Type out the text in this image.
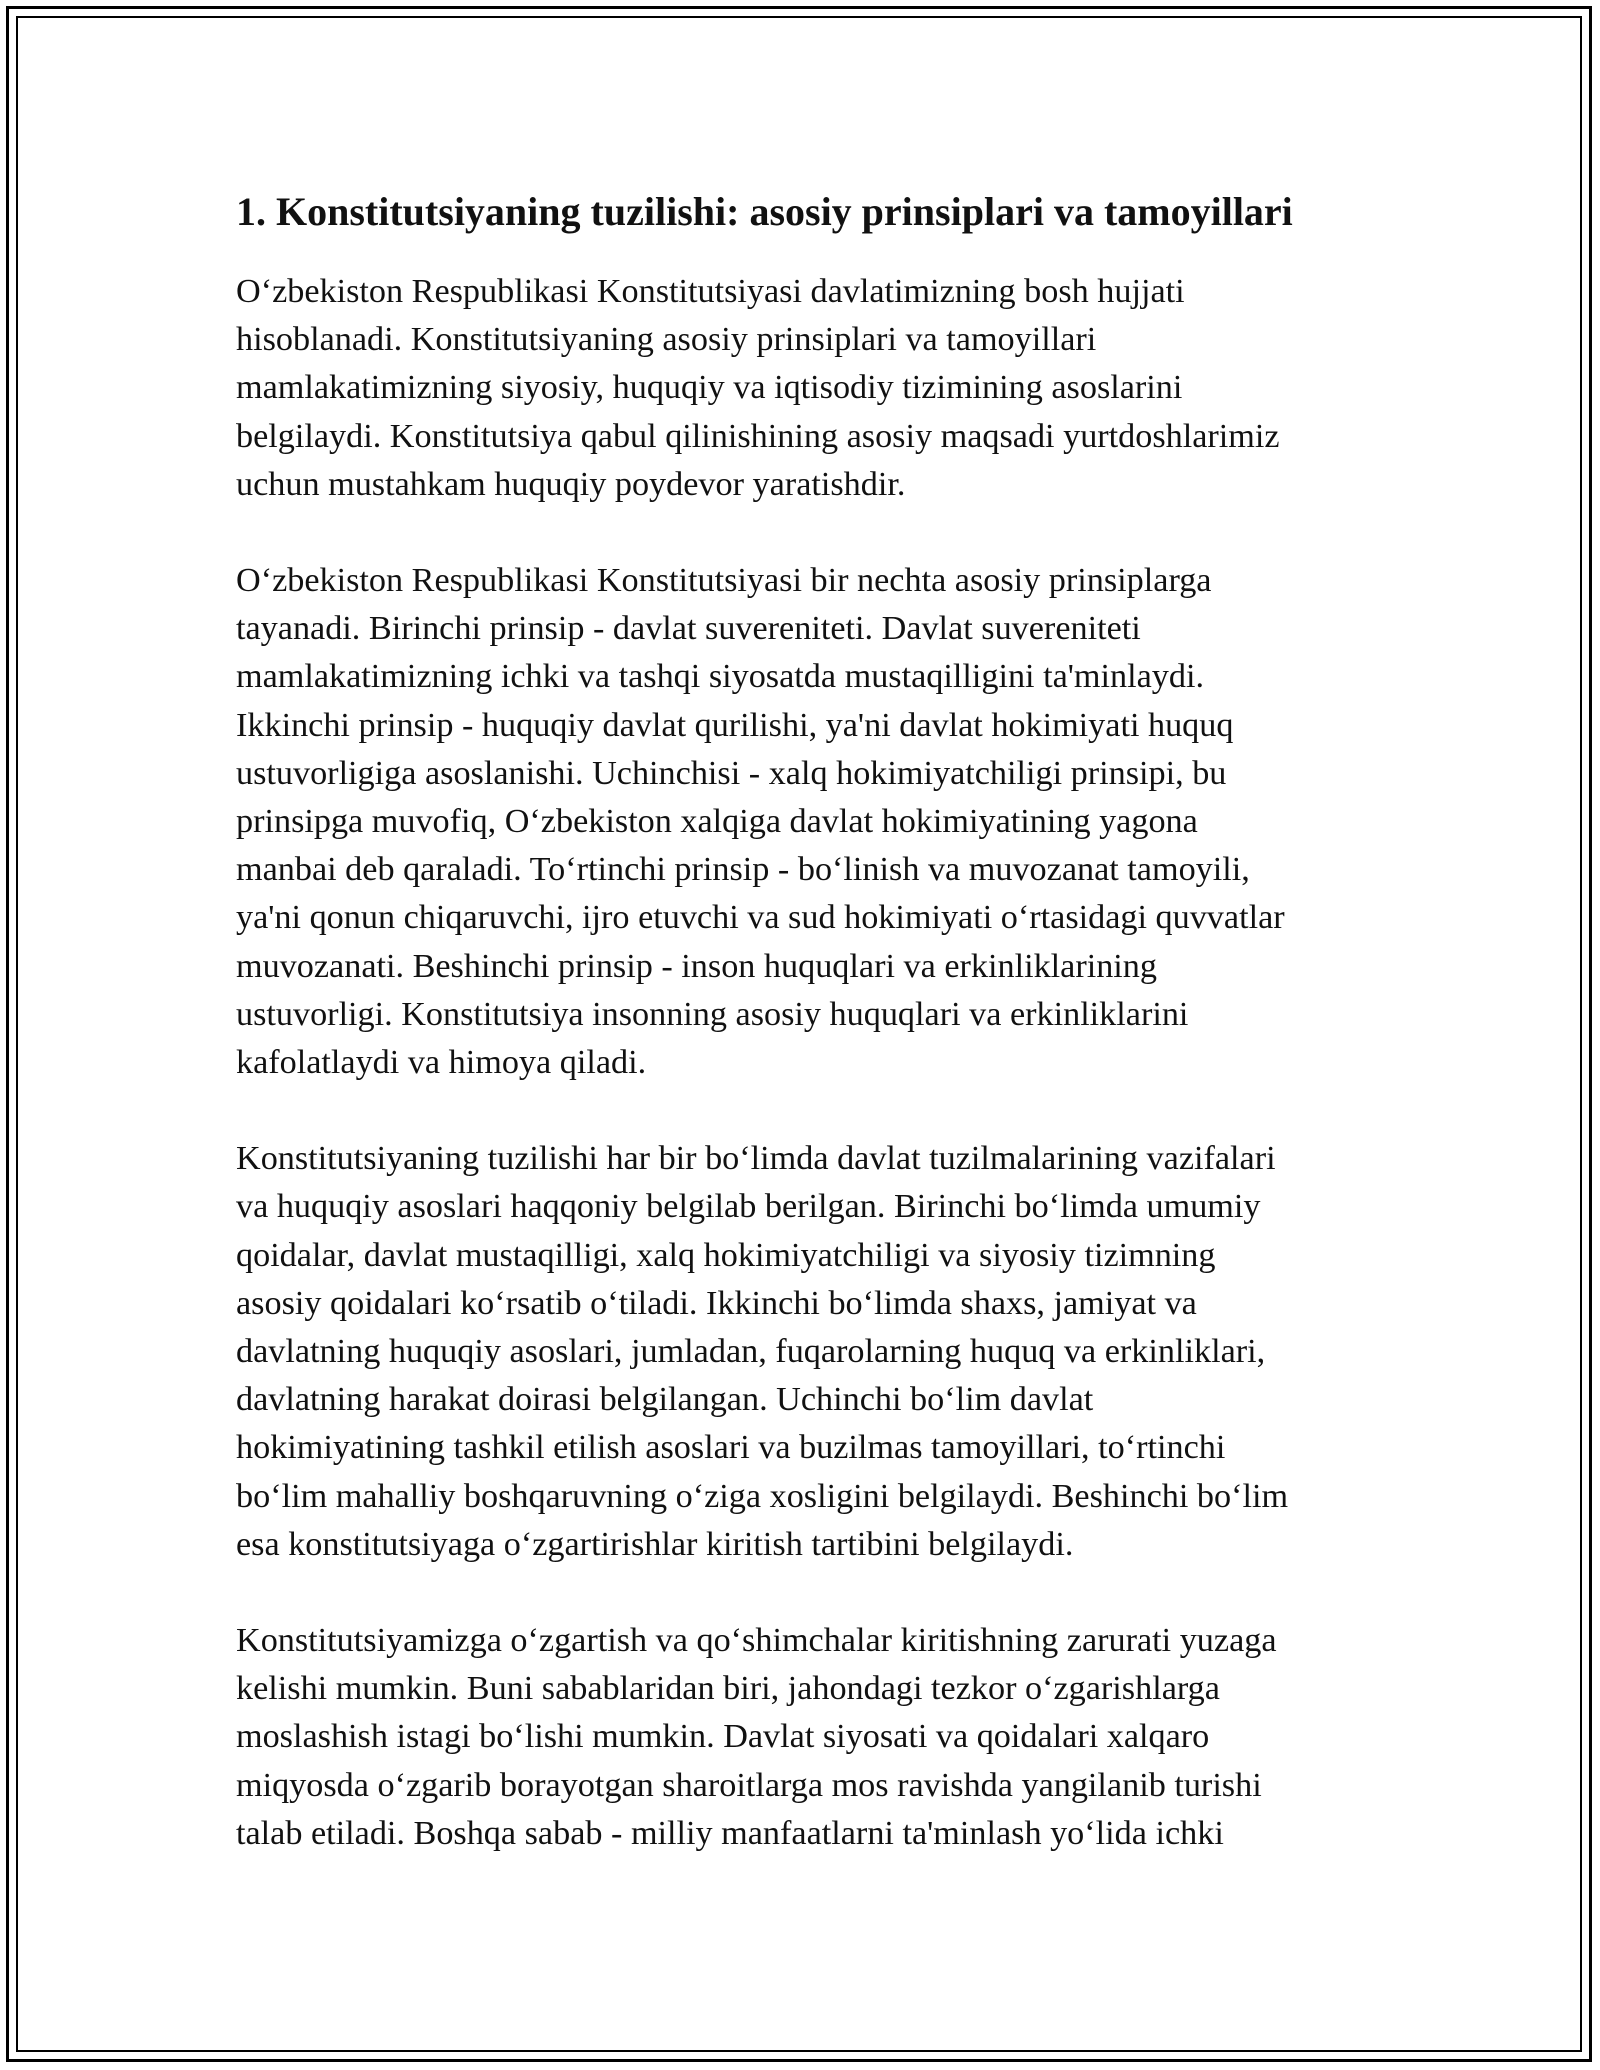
1. Konstitutsiyaning tuzilishi: asosiy prinsiplari va tamoyillari

O‘zbekiston Respublikasi Konstitutsiyasi davlatimizning bosh hujjati
hisoblanadi. Konstitutsiyaning asosiy prinsiplari va tamoyillari
mamlakatimizning siyosiy, huquqiy va iqtisodiy tizimining asoslarini
belgilaydi. Konstitutsiya qabul qilinishining asosiy maqsadi yurtdoshlarimiz
uchun mustahkam huquqiy poydevor yaratishdir.

O‘zbekiston Respublikasi Konstitutsiyasi bir nechta asosiy prinsiplarga
tayanadi. Birinchi prinsip - davlat suvereniteti. Davlat suvereniteti
mamlakatimizning ichki va tashqi siyosatda mustaqilligini ta'minlaydi.
Ikkinchi prinsip - huquqiy davlat qurilishi, ya'ni davlat hokimiyati huquq
ustuvorligiga asoslanishi. Uchinchisi - xalq hokimiyatchiligi prinsipi, bu
prinsipga muvofiq, O‘zbekiston xalqiga davlat hokimiyatining yagona
manbai deb qaraladi. To‘rtinchi prinsip - bo‘linish va muvozanat tamoyili,
ya'ni qonun chiqaruvchi, ijro etuvchi va sud hokimiyati o‘rtasidagi quvvatlar
muvozanati. Beshinchi prinsip - inson huquqlari va erkinliklarining
ustuvorligi. Konstitutsiya insonning asosiy huquqlari va erkinliklarini
kafolatlaydi va himoya qiladi.

Konstitutsiyaning tuzilishi har bir bo‘limda davlat tuzilmalarining vazifalari
va huquqiy asoslari haqqoniy belgilab berilgan. Birinchi bo‘limda umumiy
qoidalar, davlat mustaqilligi, xalq hokimiyatchiligi va siyosiy tizimning
asosiy qoidalari ko‘rsatib o‘tiladi. Ikkinchi bo‘limda shaxs, jamiyat va
davlatning huquqiy asoslari, jumladan, fuqarolarning huquq va erkinliklari,
davlatning harakat doirasi belgilangan. Uchinchi bo‘lim davlat
hokimiyatining tashkil etilish asoslari va buzilmas tamoyillari, to‘rtinchi
bo‘lim mahalliy boshqaruvning o‘ziga xosligini belgilaydi. Beshinchi bo‘lim
esa konstitutsiyaga o‘zgartirishlar kiritish tartibini belgilaydi.

Konstitutsiyamizga o‘zgartish va qo‘shimchalar kiritishning zarurati yuzaga
kelishi mumkin. Buni sabablaridan biri, jahondagi tezkor o‘zgarishlarga
moslashish istagi bo‘lishi mumkin. Davlat siyosati va qoidalari xalqaro
miqyosda o‘zgarib borayotgan sharoitlarga mos ravishda yangilanib turishi
talab etiladi. Boshqa sabab - milliy manfaatlarni ta'minlash yo‘lida ichki
